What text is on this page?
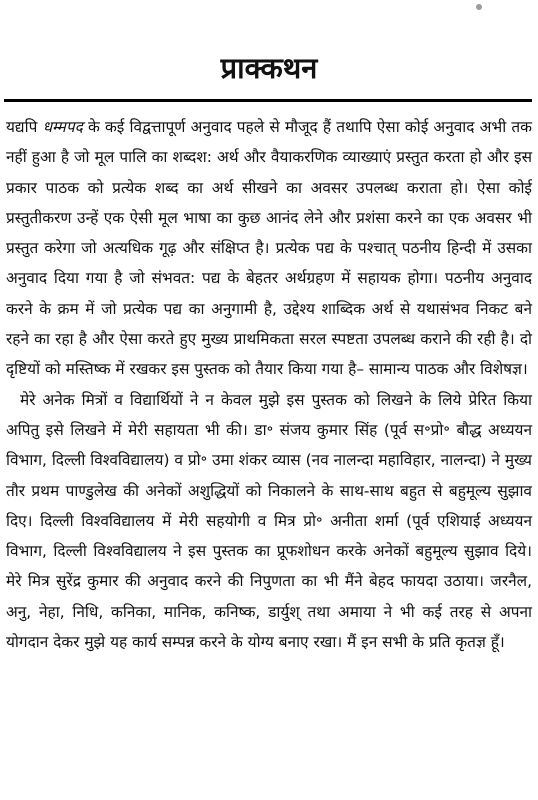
प्राक्कथन

यद्यपि धम्मपद के कई विद्वत्तापूर्ण अनुवाद पहले से मौजूद हैं तथापि ऐसा कोई अनुवाद अभी तक नहीं हुआ है जो मूल पालि का शब्दश: अर्थ और वैयाकरणिक व्याख्याएं प्रस्तुत करता हो और इस प्रकार पाठक को प्रत्येक शब्द का अर्थ सीखने का अवसर उपलब्ध कराता हो। ऐसा कोई प्रस्तुतीकरण उन्हें एक ऐसी मूल भाषा का कुछ आनंद लेने और प्रशंसा करने का एक अवसर भी प्रस्तुत करेगा जो अत्यधिक गूढ़ और संक्षिप्त है। प्रत्येक पद्य के पश्चात् पठनीय हिन्दी में उसका अनुवाद दिया गया है जो संभवत: पद्य के बेहतर अर्थग्रहण में सहायक होगा। पठनीय अनुवाद करने के क्रम में जो प्रत्येक पद्य का अनुगामी है, उद्देश्य शाब्दिक अर्थ से यथासंभव निकट बने रहने का रहा है और ऐसा करते हुए मुख्य प्राथमिकता सरल स्पष्टता उपलब्ध कराने की रही है। दो दृष्टियों को मस्तिष्क में रखकर इस पुस्तक को तैयार किया गया है– सामान्य पाठक और विशेषज्ञ।

मेरे अनेक मित्रों व विद्यार्थियों ने न केवल मुझे इस पुस्तक को लिखने के लिये प्रेरित किया अपितु इसे लिखने में मेरी सहायता भी की। डा॰ संजय कुमार सिंह (पूर्व स॰प्रो॰ बौद्ध अध्ययन विभाग, दिल्ली विश्वविद्यालय) व प्रो॰ उमा शंकर व्यास (नव नालन्दा महाविहार, नालन्दा) ने मुख्य तौर प्रथम पाण्डुलेख की अनेकों अशुद्धियों को निकालने के साथ-साथ बहुत से बहुमूल्य सुझाव दिए। दिल्ली विश्वविद्यालय में मेरी सहयोगी व मित्र प्रो॰ अनीता शर्मा (पूर्व एशियाई अध्ययन विभाग, दिल्ली विश्वविद्यालय ने इस पुस्तक का प्रूफशोधन करके अनेकों बहुमूल्य सुझाव दिये। मेरे मित्र सुरेंद्र कुमार की अनुवाद करने की निपुणता का भी मैंने बेहद फायदा उठाया। जरनैल, अनु, नेहा, निधि, कनिका, मानिक, कनिष्क, डार्युश् तथा अमाया ने भी कई तरह से अपना योगदान देकर मुझे यह कार्य सम्पन्न करने के योग्य बनाए रखा। मैं इन सभी के प्रति कृतज्ञ हूँ।
